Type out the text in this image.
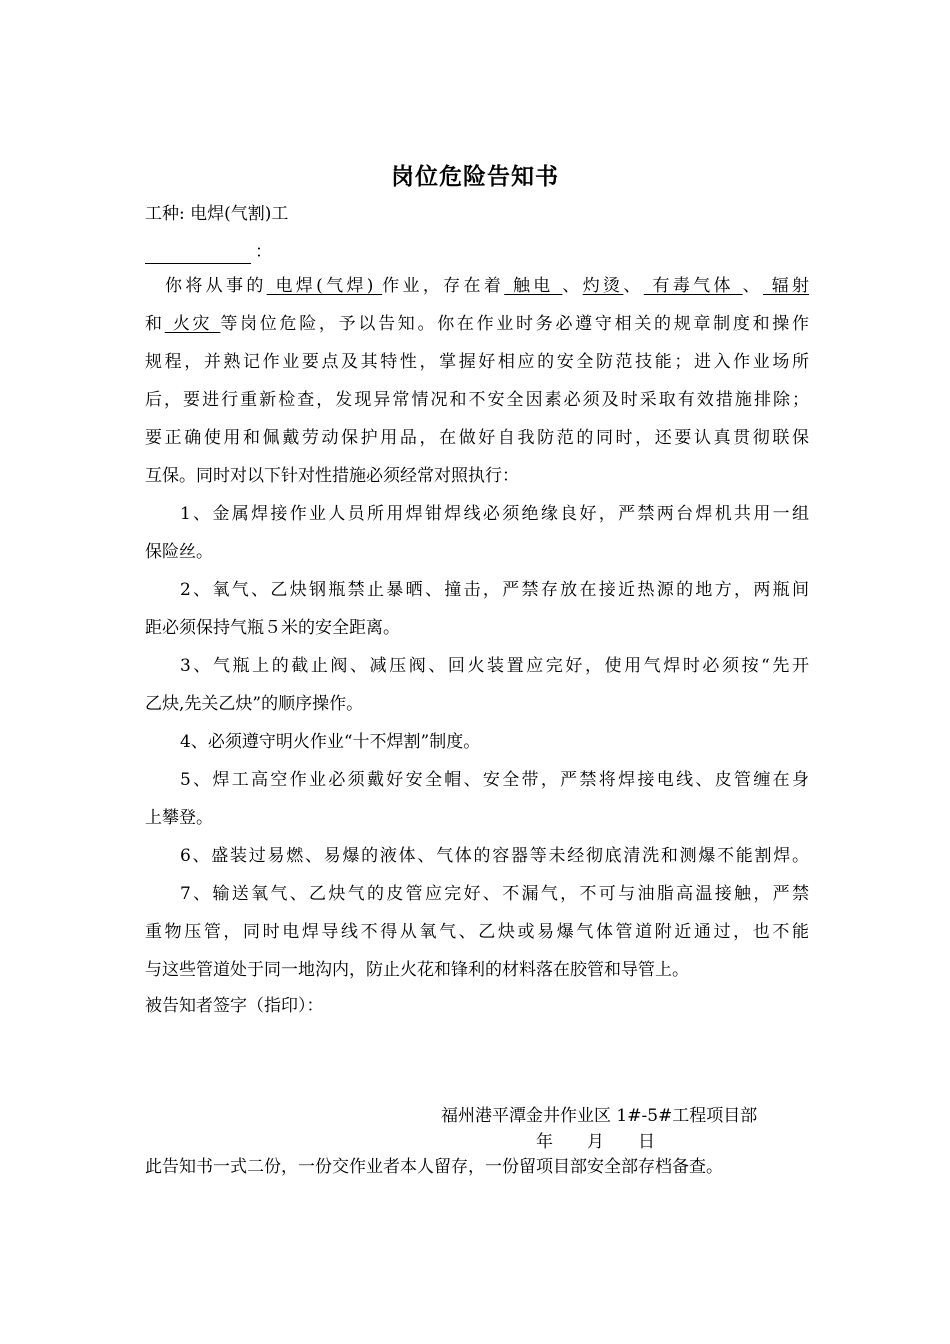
岗位危险告知书
工种: 电焊(气割)工
：
你将从事的 电焊(气焊) 作业，存在着 触电 、灼烫、 有毒气体 、 辐射
和 火灾 等岗位危险，予以告知。你在作业时务必遵守相关的规章制度和操作
规程，并熟记作业要点及其特性，掌握好相应的安全防范技能；进入作业场所
后，要进行重新检查，发现异常情况和不安全因素必须及时采取有效措施排除；
要正确使用和佩戴劳动保护用品，在做好自我防范的同时，还要认真贯彻联保
互保。同时对以下针对性措施必须经常对照执行：
1、金属焊接作业人员所用焊钳焊线必须绝缘良好，严禁两台焊机共用一组
保险丝。
2、氧气、乙炔钢瓶禁止暴晒、撞击，严禁存放在接近热源的地方，两瓶间
距必须保持气瓶５米的安全距离。
3、气瓶上的截止阀、减压阀、回火装置应完好，使用气焊时必须按“先开
乙炔,先关乙炔”的顺序操作。
4、必须遵守明火作业“十不焊割”制度。
5、焊工高空作业必须戴好安全帽、安全带，严禁将焊接电线、皮管缠在身
上攀登。
6、盛装过易燃、易爆的液体、气体的容器等未经彻底清洗和测爆不能割焊。
7、输送氧气、乙炔气的皮管应完好、不漏气，不可与油脂高温接触，严禁
重物压管，同时电焊导线不得从氧气、乙炔或易爆气体管道附近通过，也不能
与这些管道处于同一地沟内，防止火花和锋利的材料落在胶管和导管上。
被告知者签字（指印）：
福州港平潭金井作业区 1#-5#工程项目部
年　　月　　日
此告知书一式二份，一份交作业者本人留存，一份留项目部安全部存档备查。
